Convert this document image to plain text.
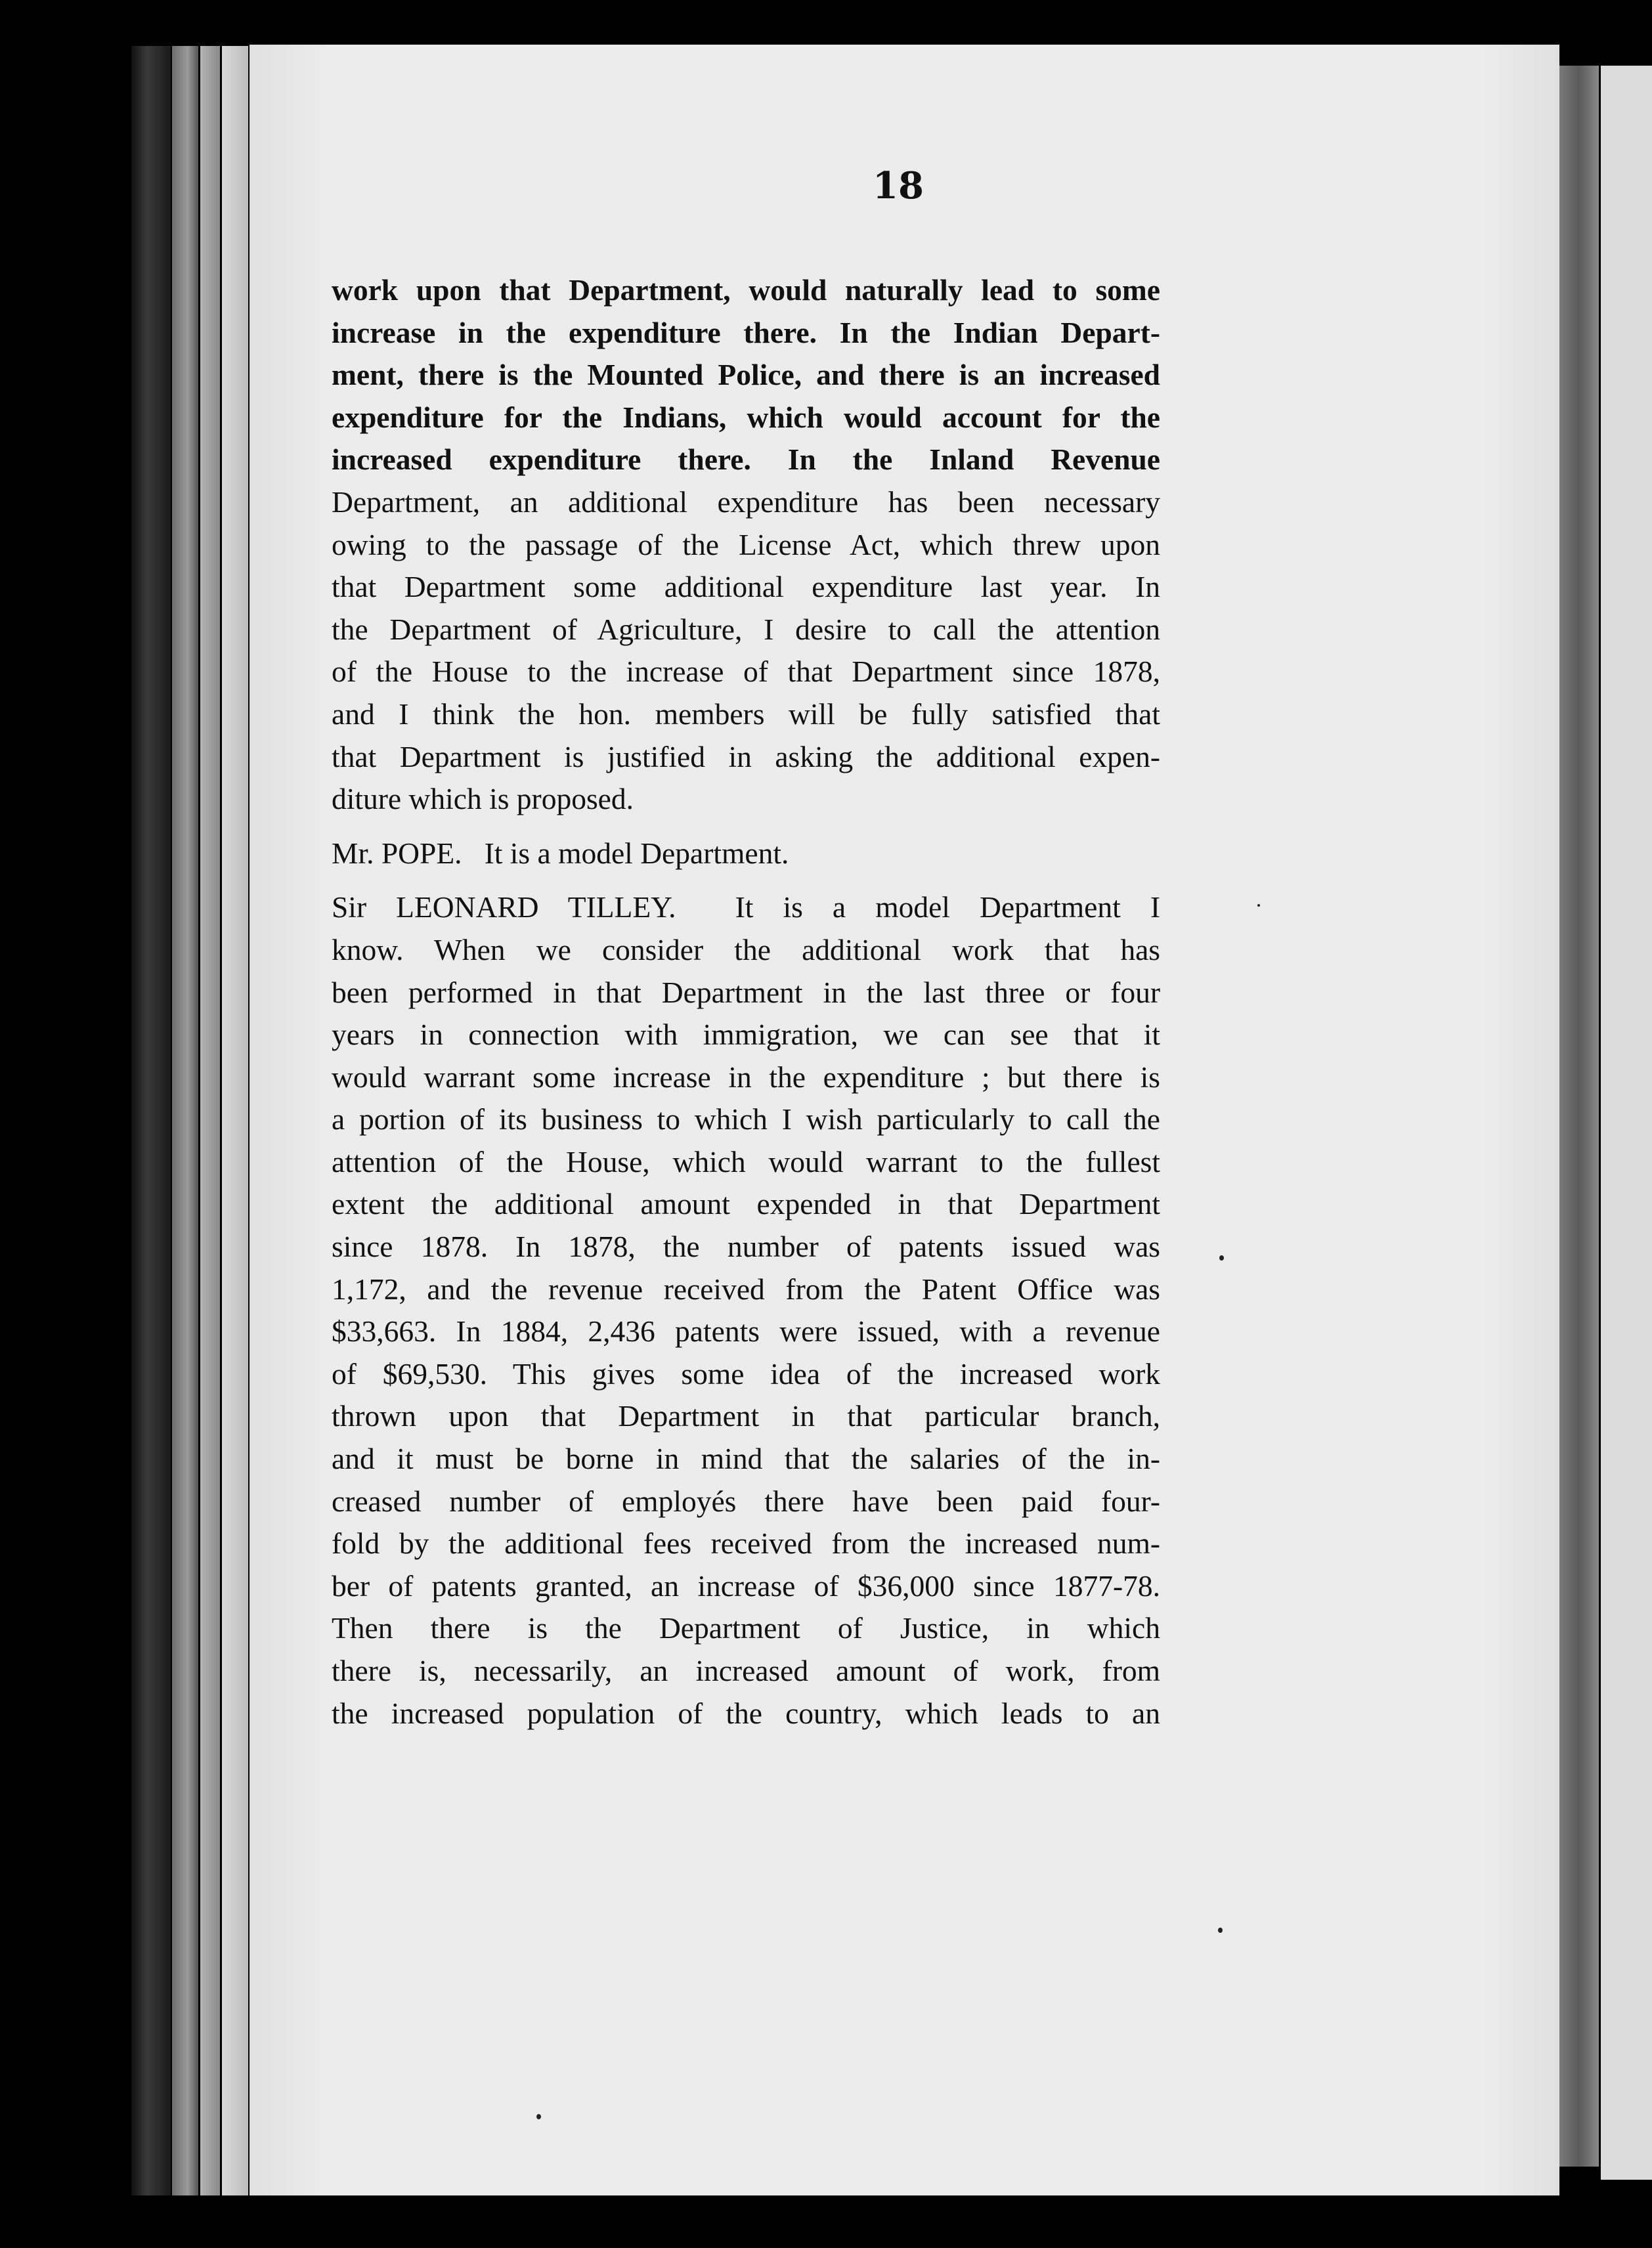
18
work upon that Department, would naturally lead to some
increase in the expenditure there. In the Indian Depart-
ment, there is the Mounted Police, and there is an increased
expenditure for the Indians, which would account for the
increased expenditure there. In the Inland Revenue
Department, an additional expenditure has been necessary
owing to the passage of the License Act, which threw upon
that Department some additional expenditure last year. In
the Department of Agriculture, I desire to call the attention
of the House to the increase of that Department since 1878,
and I think the hon. members will be fully satisfied that
that Department is justified in asking the additional expen-
diture which is proposed.
Mr. POPE. It is a model Department.
Sir LEONARD TILLEY. It is a model Department I
know. When we consider the additional work that has
been performed in that Department in the last three or four
years in connection with immigration, we can see that it
would warrant some increase in the expenditure ; but there is
a portion of its business to which I wish particularly to call the
attention of the House, which would warrant to the fullest
extent the additional amount expended in that Department
since 1878. In 1878, the number of patents issued was
1,172, and the revenue received from the Patent Office was
$33,663. In 1884, 2,436 patents were issued, with a revenue
of $69,530. This gives some idea of the increased work
thrown upon that Department in that particular branch,
and it must be borne in mind that the salaries of the in-
creased number of employés there have been paid four-
fold by the additional fees received from the increased num-
ber of patents granted, an increase of $36,000 since 1877-78.
Then there is the Department of Justice, in which
there is, necessarily, an increased amount of work, from
the increased population of the country, which leads to an
